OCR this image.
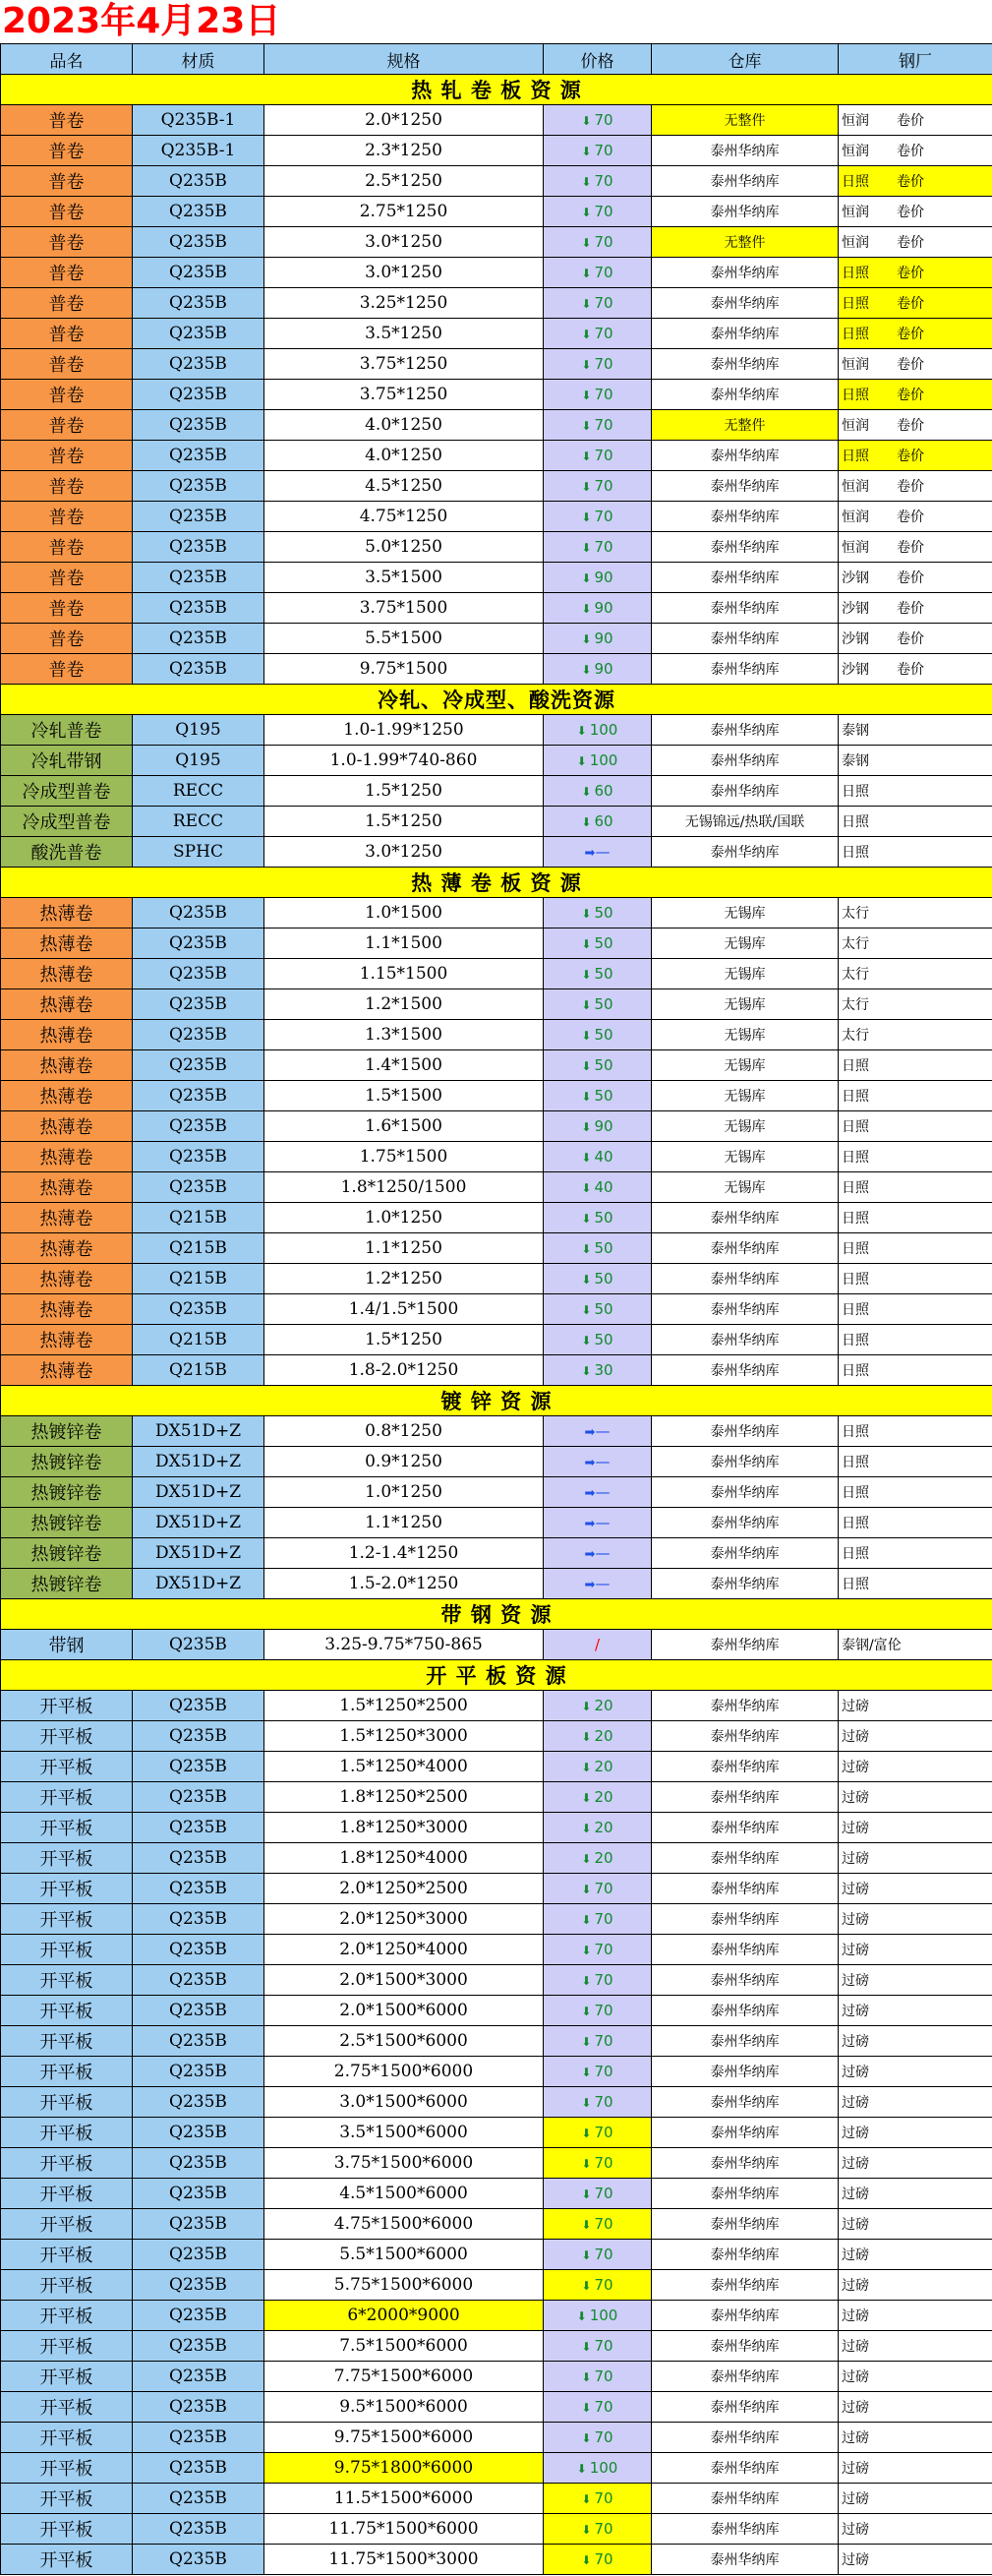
2023年4月23日
品名	材质	规格	价格	仓库	钢厂
热 轧 卷 板 资 源					
普卷	Q235B-1	2.0*1250	⬇ 70	无整件	恒润 卷价
普卷	Q235B-1	2.3*1250	⬇ 70	泰州华纳库	恒润 卷价
普卷	Q235B	2.5*1250	⬇ 70	泰州华纳库	日照 卷价
普卷	Q235B	2.75*1250	⬇ 70	泰州华纳库	恒润 卷价
普卷	Q235B	3.0*1250	⬇ 70	无整件	恒润 卷价
普卷	Q235B	3.0*1250	⬇ 70	泰州华纳库	日照 卷价
普卷	Q235B	3.25*1250	⬇ 70	泰州华纳库	日照 卷价
普卷	Q235B	3.5*1250	⬇ 70	泰州华纳库	日照 卷价
普卷	Q235B	3.75*1250	⬇ 70	泰州华纳库	恒润 卷价
普卷	Q235B	3.75*1250	⬇ 70	泰州华纳库	日照 卷价
普卷	Q235B	4.0*1250	⬇ 70	无整件	恒润 卷价
普卷	Q235B	4.0*1250	⬇ 70	泰州华纳库	日照 卷价
普卷	Q235B	4.5*1250	⬇ 70	泰州华纳库	恒润 卷价
普卷	Q235B	4.75*1250	⬇ 70	泰州华纳库	恒润 卷价
普卷	Q235B	5.0*1250	⬇ 70	泰州华纳库	恒润 卷价
普卷	Q235B	3.5*1500	⬇ 90	泰州华纳库	沙钢 卷价
普卷	Q235B	3.75*1500	⬇ 90	泰州华纳库	沙钢 卷价
普卷	Q235B	5.5*1500	⬇ 90	泰州华纳库	沙钢 卷价
普卷	Q235B	9.75*1500	⬇ 90	泰州华纳库	沙钢 卷价
冷轧、冷成型、酸洗资源					
冷轧普卷	Q195	1.0-1.99*1250	⬇ 100	泰州华纳库	泰钢
冷轧带钢	Q195	1.0-1.99*740-860	⬇ 100	泰州华纳库	泰钢
冷成型普卷	RECC	1.5*1250	⬇ 60	泰州华纳库	日照
冷成型普卷	RECC	1.5*1250	⬇ 60	无锡锦远/热联/国联	日照
酸洗普卷	SPHC	3.0*1250	➡—	泰州华纳库	日照
热 薄 卷 板 资 源					
热薄卷	Q235B	1.0*1500	⬇ 50	无锡库	太行
热薄卷	Q235B	1.1*1500	⬇ 50	无锡库	太行
热薄卷	Q235B	1.15*1500	⬇ 50	无锡库	太行
热薄卷	Q235B	1.2*1500	⬇ 50	无锡库	太行
热薄卷	Q235B	1.3*1500	⬇ 50	无锡库	太行
热薄卷	Q235B	1.4*1500	⬇ 50	无锡库	日照
热薄卷	Q235B	1.5*1500	⬇ 50	无锡库	日照
热薄卷	Q235B	1.6*1500	⬇ 90	无锡库	日照
热薄卷	Q235B	1.75*1500	⬇ 40	无锡库	日照
热薄卷	Q235B	1.8*1250/1500	⬇ 40	无锡库	日照
热薄卷	Q215B	1.0*1250	⬇ 50	泰州华纳库	日照
热薄卷	Q215B	1.1*1250	⬇ 50	泰州华纳库	日照
热薄卷	Q215B	1.2*1250	⬇ 50	泰州华纳库	日照
热薄卷	Q235B	1.4/1.5*1500	⬇ 50	泰州华纳库	日照
热薄卷	Q215B	1.5*1250	⬇ 50	泰州华纳库	日照
热薄卷	Q215B	1.8-2.0*1250	⬇ 30	泰州华纳库	日照
镀 锌 资 源					
热镀锌卷	DX51D+Z	0.8*1250	➡—	泰州华纳库	日照
热镀锌卷	DX51D+Z	0.9*1250	➡—	泰州华纳库	日照
热镀锌卷	DX51D+Z	1.0*1250	➡—	泰州华纳库	日照
热镀锌卷	DX51D+Z	1.1*1250	➡—	泰州华纳库	日照
热镀锌卷	DX51D+Z	1.2-1.4*1250	➡—	泰州华纳库	日照
热镀锌卷	DX51D+Z	1.5-2.0*1250	➡—	泰州华纳库	日照
带 钢 资 源					
带钢	Q235B	3.25-9.75*750-865	/	泰州华纳库	泰钢/富伦
开 平 板 资 源					
开平板	Q235B	1.5*1250*2500	⬇ 20	泰州华纳库	过磅
开平板	Q235B	1.5*1250*3000	⬇ 20	泰州华纳库	过磅
开平板	Q235B	1.5*1250*4000	⬇ 20	泰州华纳库	过磅
开平板	Q235B	1.8*1250*2500	⬇ 20	泰州华纳库	过磅
开平板	Q235B	1.8*1250*3000	⬇ 20	泰州华纳库	过磅
开平板	Q235B	1.8*1250*4000	⬇ 20	泰州华纳库	过磅
开平板	Q235B	2.0*1250*2500	⬇ 70	泰州华纳库	过磅
开平板	Q235B	2.0*1250*3000	⬇ 70	泰州华纳库	过磅
开平板	Q235B	2.0*1250*4000	⬇ 70	泰州华纳库	过磅
开平板	Q235B	2.0*1500*3000	⬇ 70	泰州华纳库	过磅
开平板	Q235B	2.0*1500*6000	⬇ 70	泰州华纳库	过磅
开平板	Q235B	2.5*1500*6000	⬇ 70	泰州华纳库	过磅
开平板	Q235B	2.75*1500*6000	⬇ 70	泰州华纳库	过磅
开平板	Q235B	3.0*1500*6000	⬇ 70	泰州华纳库	过磅
开平板	Q235B	3.5*1500*6000	⬇ 70	泰州华纳库	过磅
开平板	Q235B	3.75*1500*6000	⬇ 70	泰州华纳库	过磅
开平板	Q235B	4.5*1500*6000	⬇ 70	泰州华纳库	过磅
开平板	Q235B	4.75*1500*6000	⬇ 70	泰州华纳库	过磅
开平板	Q235B	5.5*1500*6000	⬇ 70	泰州华纳库	过磅
开平板	Q235B	5.75*1500*6000	⬇ 70	泰州华纳库	过磅
开平板	Q235B	6*2000*9000	⬇ 100	泰州华纳库	过磅
开平板	Q235B	7.5*1500*6000	⬇ 70	泰州华纳库	过磅
开平板	Q235B	7.75*1500*6000	⬇ 70	泰州华纳库	过磅
开平板	Q235B	9.5*1500*6000	⬇ 70	泰州华纳库	过磅
开平板	Q235B	9.75*1500*6000	⬇ 70	泰州华纳库	过磅
开平板	Q235B	9.75*1800*6000	⬇ 100	泰州华纳库	过磅
开平板	Q235B	11.5*1500*6000	⬇ 70	泰州华纳库	过磅
开平板	Q235B	11.75*1500*6000	⬇ 70	泰州华纳库	过磅
开平板	Q235B	11.75*1500*3000	⬇ 70	泰州华纳库	过磅
